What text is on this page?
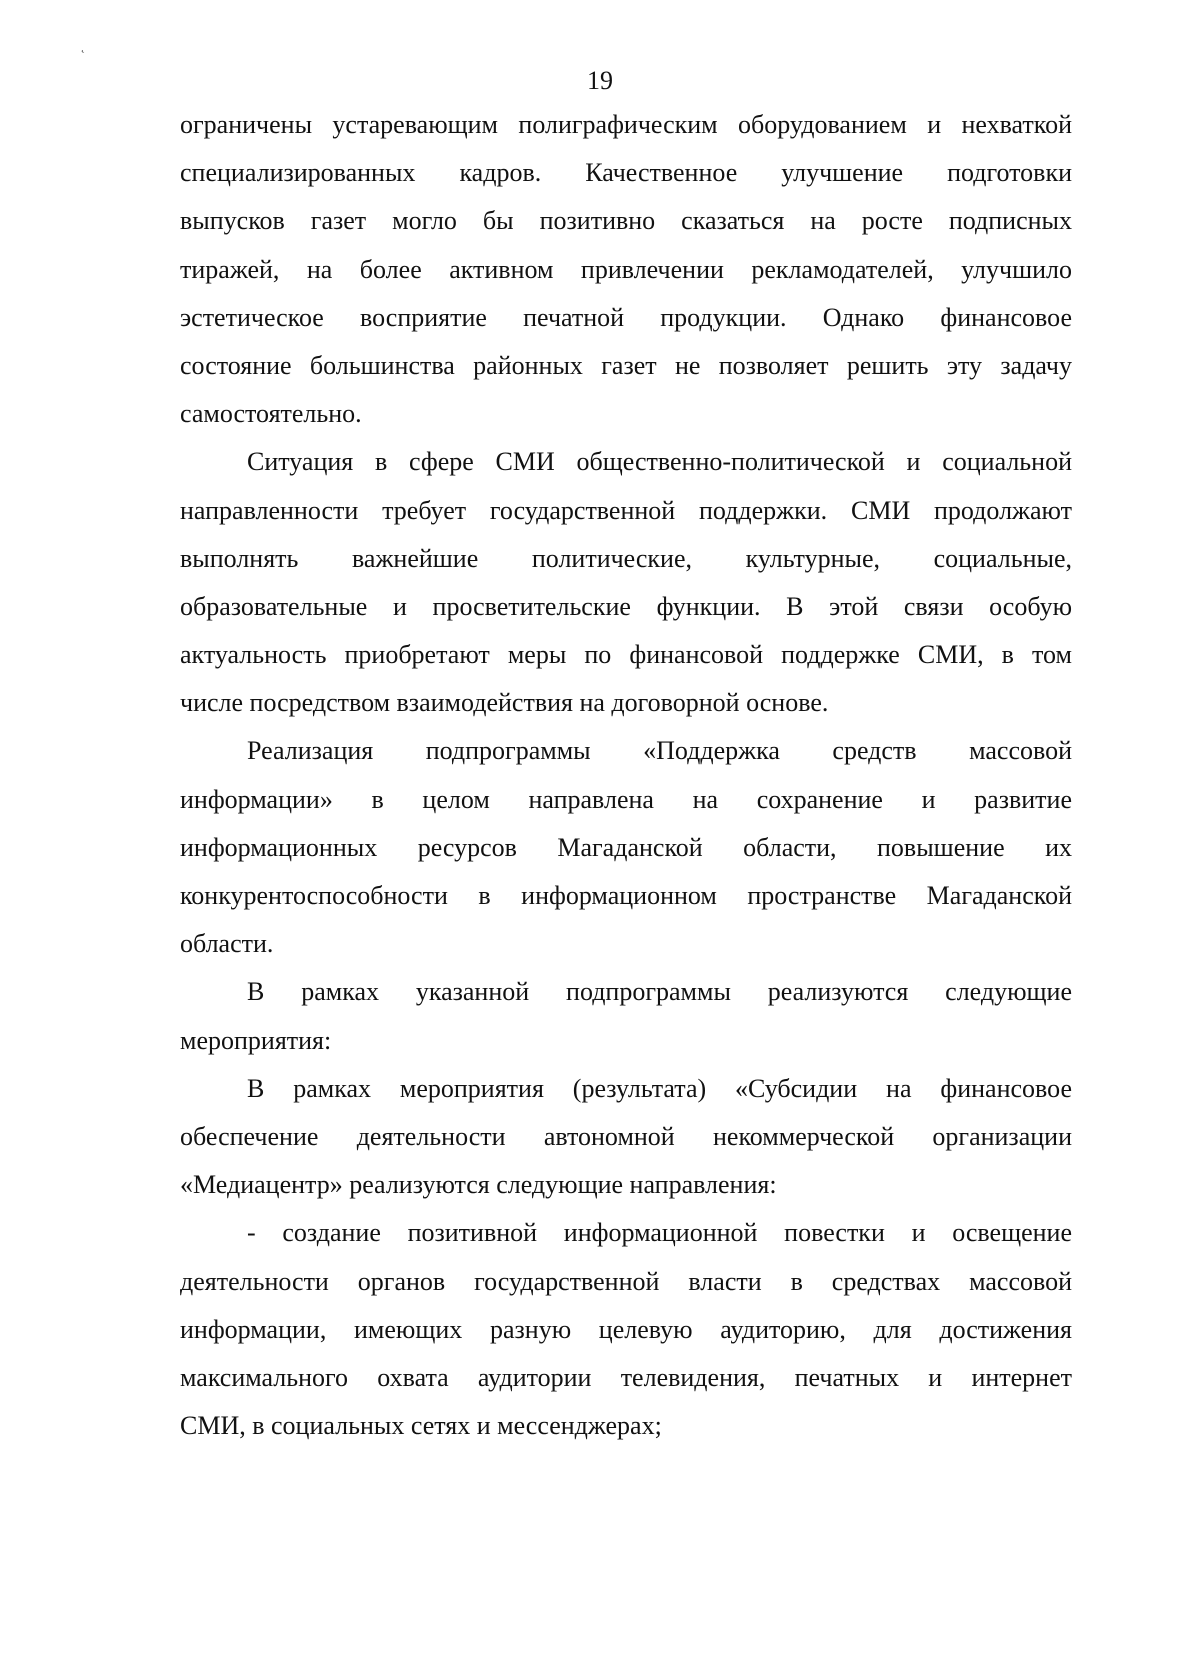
˛
19
ограничены устаревающим полиграфическим оборудованием и нехваткой
специализированных кадров. Качественное улучшение подготовки
выпусков газет могло бы позитивно сказаться на росте подписных
тиражей, на более активном привлечении рекламодателей, улучшило
эстетическое восприятие печатной продукции. Однако финансовое
состояние большинства районных газет не позволяет решить эту задачу
самостоятельно.
Ситуация в сфере СМИ общественно-политической и социальной
направленности требует государственной поддержки. СМИ продолжают
выполнять важнейшие политические, культурные, социальные,
образовательные и просветительские функции. В этой связи особую
актуальность приобретают меры по финансовой поддержке СМИ, в том
числе посредством взаимодействия на договорной основе.
Реализация подпрограммы «Поддержка средств массовой
информации» в целом направлена на сохранение и развитие
информационных ресурсов Магаданской области, повышение их
конкурентоспособности в информационном пространстве Магаданской
области.
В рамках указанной подпрограммы реализуются следующие
мероприятия:
В рамках мероприятия (результата) «Субсидии на финансовое
обеспечение деятельности автономной некоммерческой организации
«Медиацентр» реализуются следующие направления:
- создание позитивной информационной повестки и освещение
деятельности органов государственной власти в средствах массовой
информации, имеющих разную целевую аудиторию, для достижения
максимального охвата аудитории телевидения, печатных и интернет
СМИ, в социальных сетях и мессенджерах;
